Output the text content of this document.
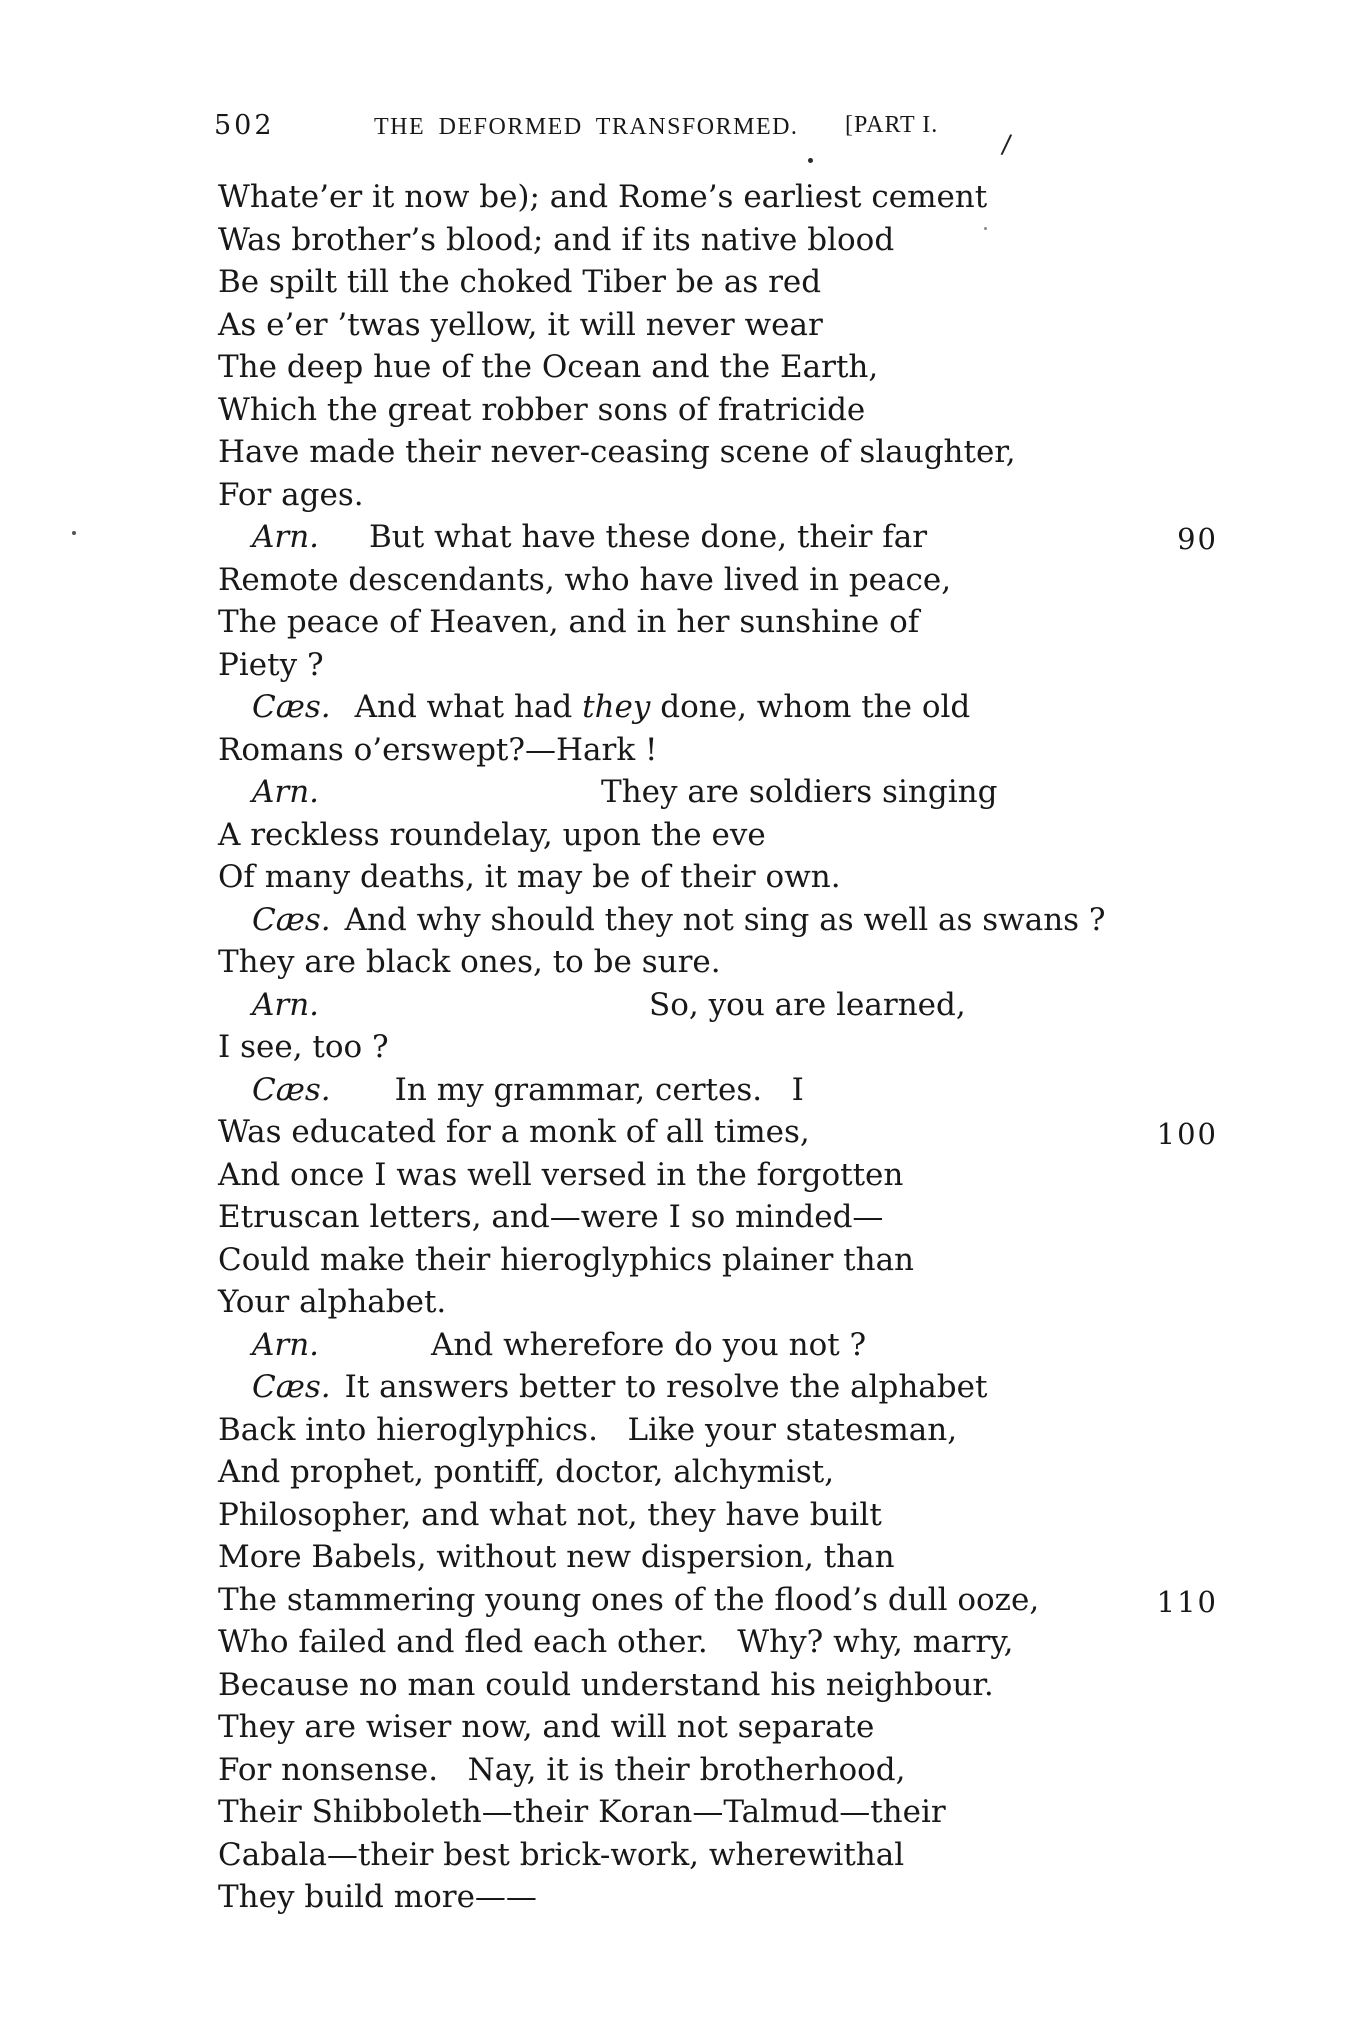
502	THE DEFORMED TRANSFORMED. [PART I.
/
Whate’er it now be); and Rome’s earliest cement
Was brother’s blood; and if its native blood
Be spilt till the choked Tiber be as red
As e’er ’twas yellow, it will never wear
The deep hue of the Ocean and the Earth,
Which the great robber sons of fratricide
Have made their never-ceasing scene of slaughter,
For ages.
Arn. But what have these done, their far	90
Remote descendants, who have lived in peace,
The peace of Heaven, and in her sunshine of
Piety ?
Cæs. And what had they done, whom the old
Romans o’erswept?—Hark !
Arn.	They are soldiers singing
A reckless roundelay, upon the eve
Of many deaths, it may be of their own.
Cæs. And why should they not sing as well as swans ?
They are black ones, to be sure.
Arn.	So, you are learned,
I see, too ?
Cæs. In my grammar, certes.   I
Was educated for a monk of all times,	100
And once I was well versed in the forgotten
Etruscan letters, and—were I so minded—
Could make their hieroglyphics plainer than
Your alphabet.
Arn.	And wherefore do you not ?
Cæs. It answers better to resolve the alphabet
Back into hieroglyphics.   Like your statesman,
And prophet, pontiff, doctor, alchymist,
Philosopher, and what not, they have built
More Babels, without new dispersion, than
The stammering young ones of the flood’s dull ooze,	110
Who failed and fled each other.   Why? why, marry,
Because no man could understand his neighbour.
They are wiser now, and will not separate
For nonsense.   Nay, it is their brotherhood,
Their Shibboleth—their Koran—Talmud—their
Cabala—their best brick-work, wherewithal
They build more——
